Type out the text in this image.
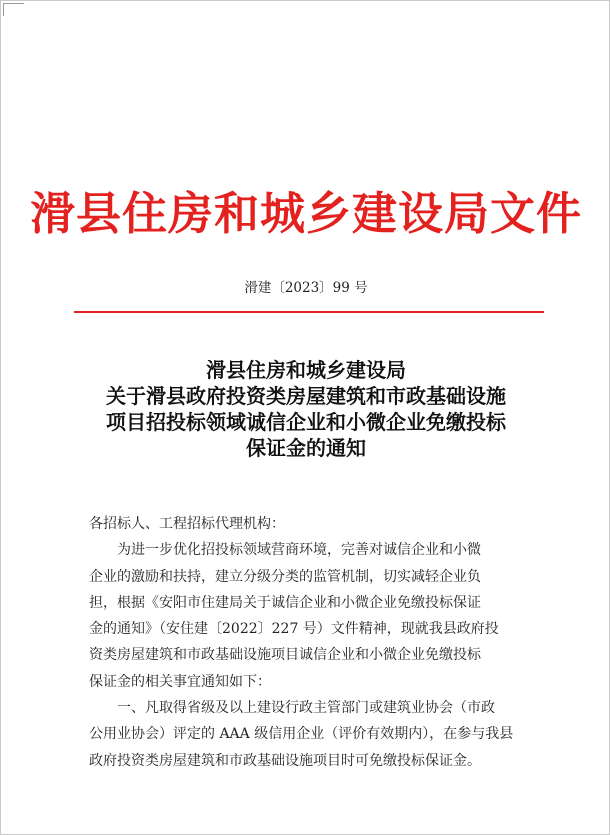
滑县住房和城乡建设局文件
滑建〔2023〕99 号
滑县住房和城乡建设局
关于滑县政府投资类房屋建筑和市政基础设施
项目招投标领域诚信企业和小微企业免缴投标
保证金的通知
各招标人、工程招标代理机构：
为进一步优化招投标领域营商环境，完善对诚信企业和小微
企业的激励和扶持，建立分级分类的监管机制，切实减轻企业负
担，根据《安阳市住建局关于诚信企业和小微企业免缴投标保证
金的通知》（安住建〔2022〕227 号）文件精神，现就我县政府投
资类房屋建筑和市政基础设施项目诚信企业和小微企业免缴投标
保证金的相关事宜通知如下：
一、凡取得省级及以上建设行政主管部门或建筑业协会（市政
公用业协会）评定的 AAA 级信用企业（评价有效期内），在参与我县
政府投资类房屋建筑和市政基础设施项目时可免缴投标保证金。
